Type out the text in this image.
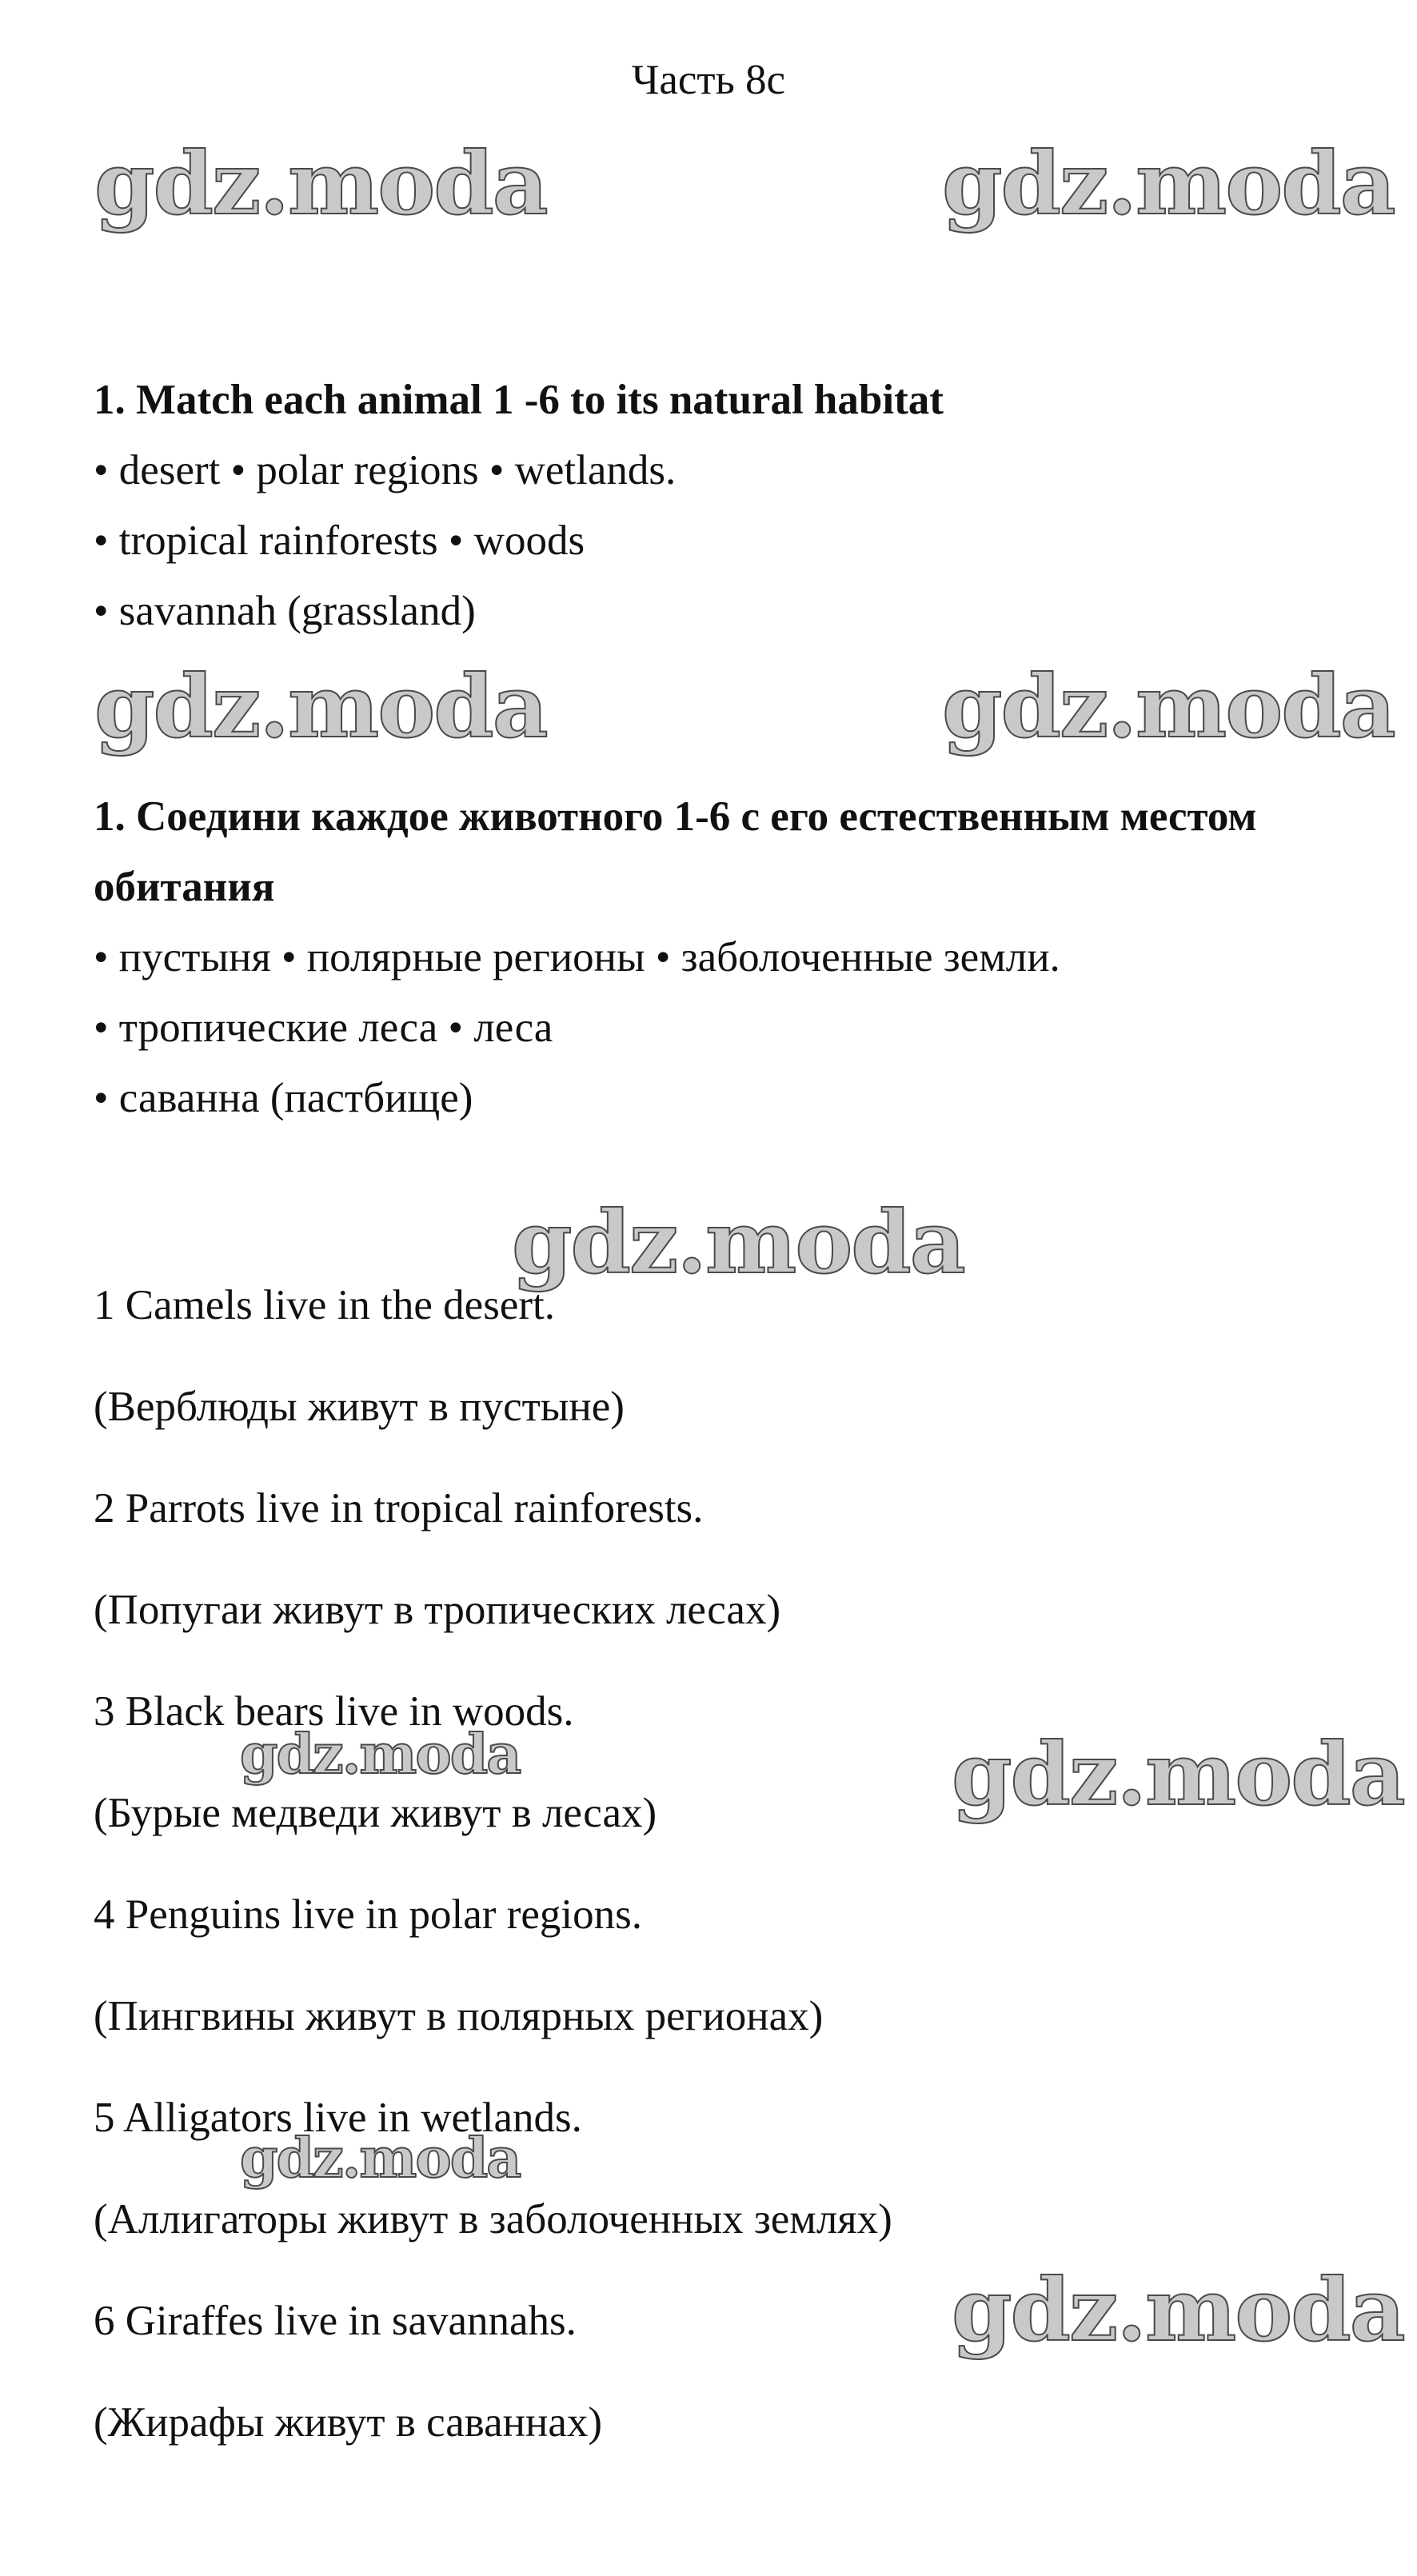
Часть 8с
gdz.moda	gdz.moda
gdz.moda	gdz.moda
gdz.moda
gdz.moda	gdz.moda
gdz.moda
gdz.moda
1. Match each animal 1 -6 to its natural habitat
• desert • polar regions • wetlands.
• tropical rainforests • woods
• savannah (grassland)
1. Соедини каждое животного 1-6 с его естественным местом
обитания
• пустыня • полярные регионы • заболоченные земли.
• тропические леса • леса
• саванна (пастбище)
1 Camels live in the desert.
(Верблюды живут в пустыне)
2 Parrots live in tropical rainforests.
(Попугаи живут в тропических лесах)
3 Black bears live in woods.
(Бурые медведи живут в лесах)
4 Penguins live in polar regions.
(Пингвины живут в полярных регионах)
5 Alligators live in wetlands.
(Аллигаторы живут в заболоченных землях)
6 Giraffes live in savannahs.
(Жирафы живут в саваннах)
